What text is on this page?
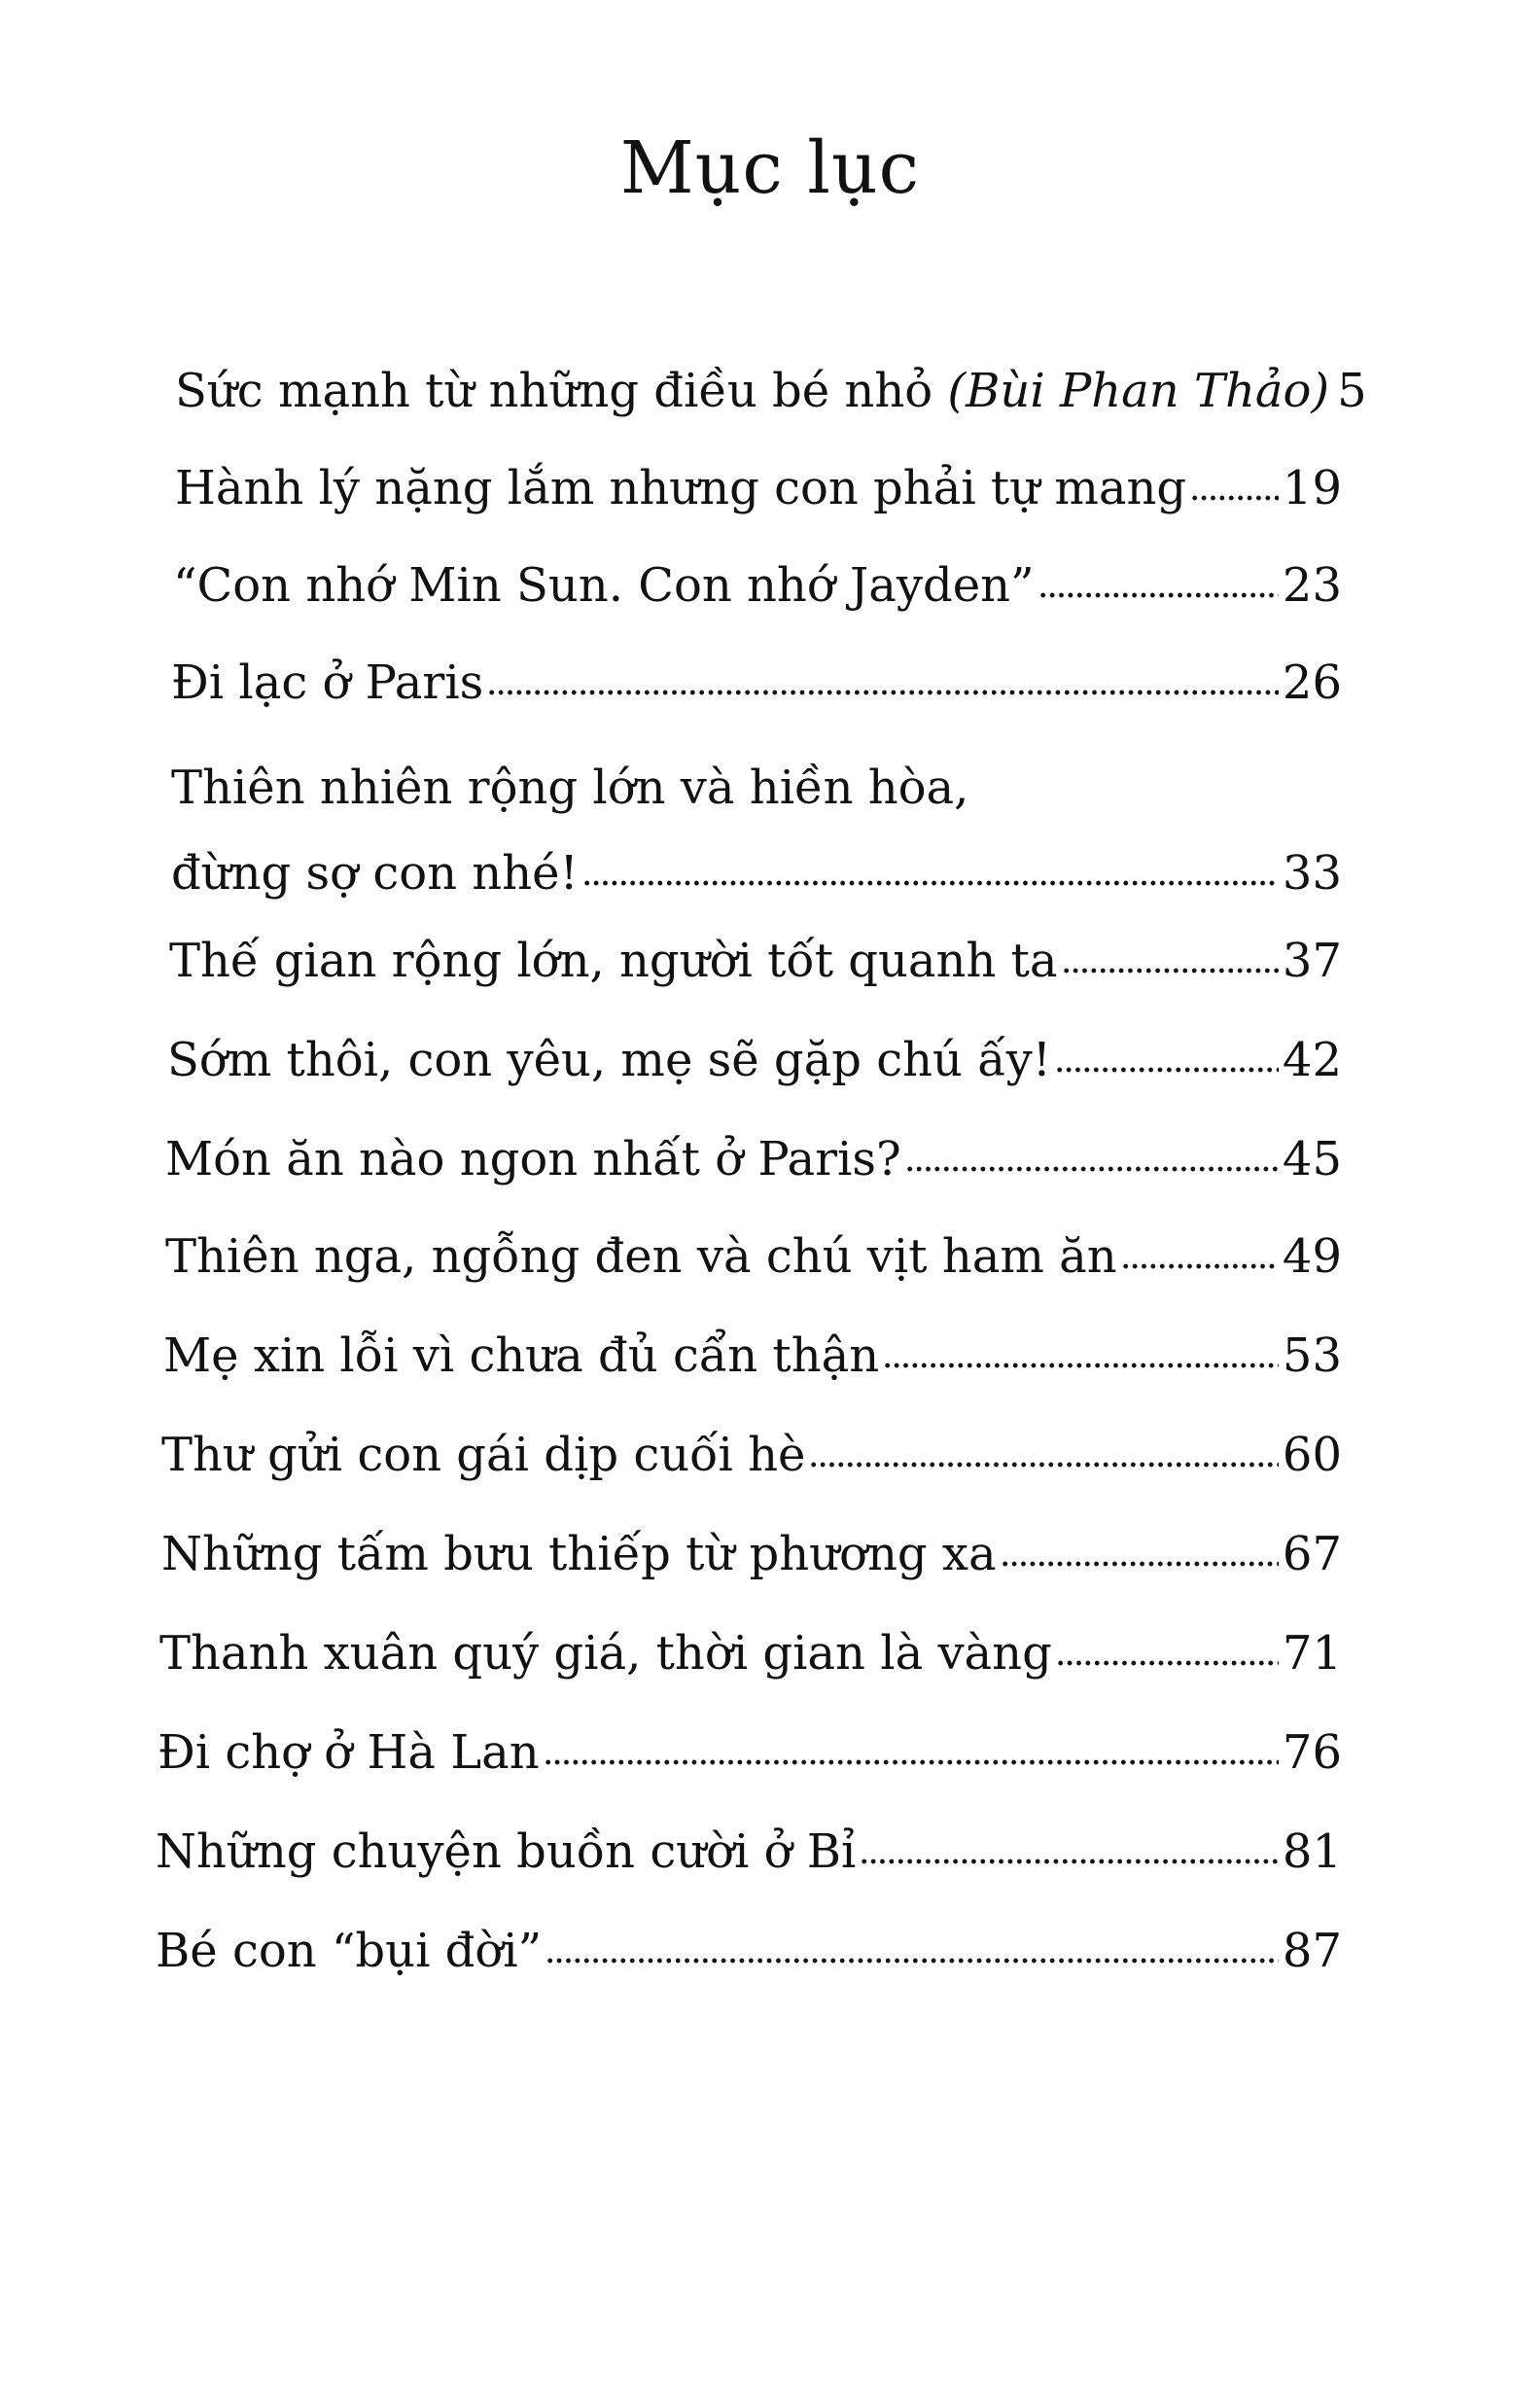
Mục lục
Sức mạnh từ những điều bé nhỏ (Bùi Phan Thảo) 5
Hành lý nặng lắm nhưng con phải tự mang 19
“Con nhớ Min Sun. Con nhớ Jayden”	23
Đi lạc ở Paris	26
Thiên nhiên rộng lớn và hiền hòa,
đừng sợ con nhé!	33
Thế gian rộng lớn, người tốt quanh ta	37
Sớm thôi, con yêu, mẹ sẽ gặp chú ấy!	42
Món ăn nào ngon nhất ở Paris?	45
Thiên nga, ngỗng đen và chú vịt ham ăn	49
Mẹ xin lỗi vì chưa đủ cẩn thận	53
Thư gửi con gái dịp cuối hè	60
Những tấm bưu thiếp từ phương xa	67
Thanh xuân quý giá, thời gian là vàng	71
Đi chợ ở Hà Lan	76
Những chuyện buồn cười ở Bỉ	81
Bé con “bụi đời”	87
